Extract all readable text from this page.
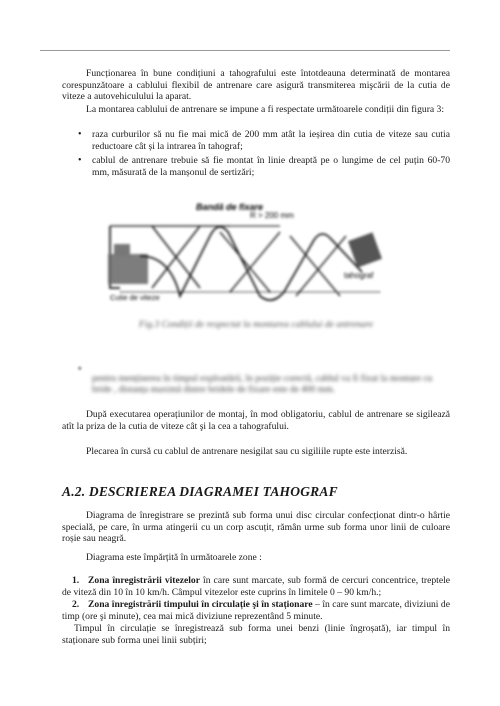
Funcționarea în bune condițiuni a tahografului este întotdeauna determinată de montarea corespunzătoare a cablului flexibil de antrenare care asigură transmiterea mişcării de la cutia de viteze a autovehiculului la aparat.

La montarea cablului de antrenare se impune a fi respectate următoarele condiții din figura 3:

• raza curburilor să nu fie mai mică de 200 mm atât la ieșirea din cutia de viteze sau cutia reductoare cât și la intrarea în tahograf;

• cablul de antrenare trebuie să fie montat în linie dreaptă pe o lungime de cel puțin 60-70 mm, măsurată de la manșonul de sertizări;

Bandă de fixare
R > 200 mm
Cutie de viteze
tahograf
Fig.3 Condiții de respectat la montarea cablului de antrenare
•

pentru menținerea în timpul exploatării, în poziție corectă, cablul va fi fixat la montare cu bride , distanța maximă dintre bridele de fixare este de 400 mm.

După executarea operațiunilor de montaj, în mod obligatoriu, cablul de antrenare se sigilează atît la priza de la cutia de viteze cât şi la cea a tahografului.

Plecarea în cursă cu cablul de antrenare nesigilat sau cu sigiliile rupte este interzisă.

A.2. DESCRIEREA DIAGRAMEI TAHOGRAF

Diagrama de înregistrare se prezintă sub forma unui disc circular confecționat dintr-o hârtie specială, pe care, în urma atingerii cu un corp ascuțit, rămân urme sub forma unor linii de culoare roșie sau neagră.

Diagrama este împărțită în următoarele zone :

1. Zona înregistrării vitezelor în care sunt marcate, sub formă de cercuri concentrice, treptele de viteză din 10 în 10 km/h. Câmpul vitezelor este cuprins în limitele 0 – 90 km/h.;

2. Zona înregistrării timpului în circulație şi în staționare – în care sunt marcate, diviziuni de timp (ore şi minute), cea mai mică diviziune reprezentând 5 minute.

Timpul în circulație se înregistrează sub forma unei benzi (linie îngroșată), iar timpul în staționare sub forma unei linii subțiri;
